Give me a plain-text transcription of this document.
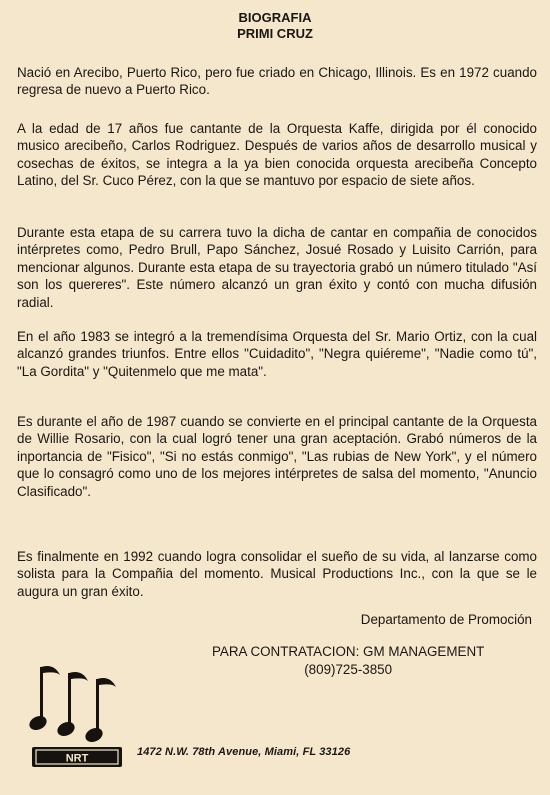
BIOGRAFIA
PRIMI CRUZ

Nació en Arecibo, Puerto Rico, pero fue criado en Chicago, Illinois. Es en 1972 cuando regresa de nuevo a Puerto Rico.

A la edad de 17 años fue cantante de la Orquesta Kaffe, dirigida por él conocido musico arecibeño, Carlos Rodriguez. Después de varios años de desarrollo musical y cosechas de éxitos, se integra a la ya bien conocida orquesta arecibeña Concepto Latino, del Sr. Cuco Pérez, con la que se mantuvo por espacio de siete años.

Durante esta etapa de su carrera tuvo la dicha de cantar en compañia de conocidos intérpretes como, Pedro Brull, Papo Sánchez, Josué Rosado y Luisito Carrión, para mencionar algunos. Durante esta etapa de su trayectoria grabó un número titulado "Así son los quereres". Este número alcanzó un gran éxito y contó con mucha difusión radial.

En el año 1983 se integró a la tremendísima Orquesta del Sr. Mario Ortiz, con la cual alcanzó grandes triunfos. Entre ellos "Cuidadito", "Negra quiéreme", "Nadie como tú", "La Gordita" y "Quitenmelo que me mata".

Es durante el año de 1987 cuando se convierte en el principal cantante de la Orquesta de Willie Rosario, con la cual logró tener una gran aceptación. Grabó números de la inportancia de "Fisico", "Si no estás conmigo", "Las rubias de New York", y el número que lo consagró como uno de los mejores intérpretes de salsa del momento, "Anuncio Clasificado".

Es finalmente en 1992 cuando logra consolidar el sueño de su vida, al lanzarse como solista para la Compañia del momento. Musical Productions Inc., con la que se le augura un gran éxito.

Departamento de Promoción
PARA CONTRATACION: GM MANAGEMENT
(809)725-3850
NRT
1472 N.W. 78th Avenue, Miami, FL 33126
